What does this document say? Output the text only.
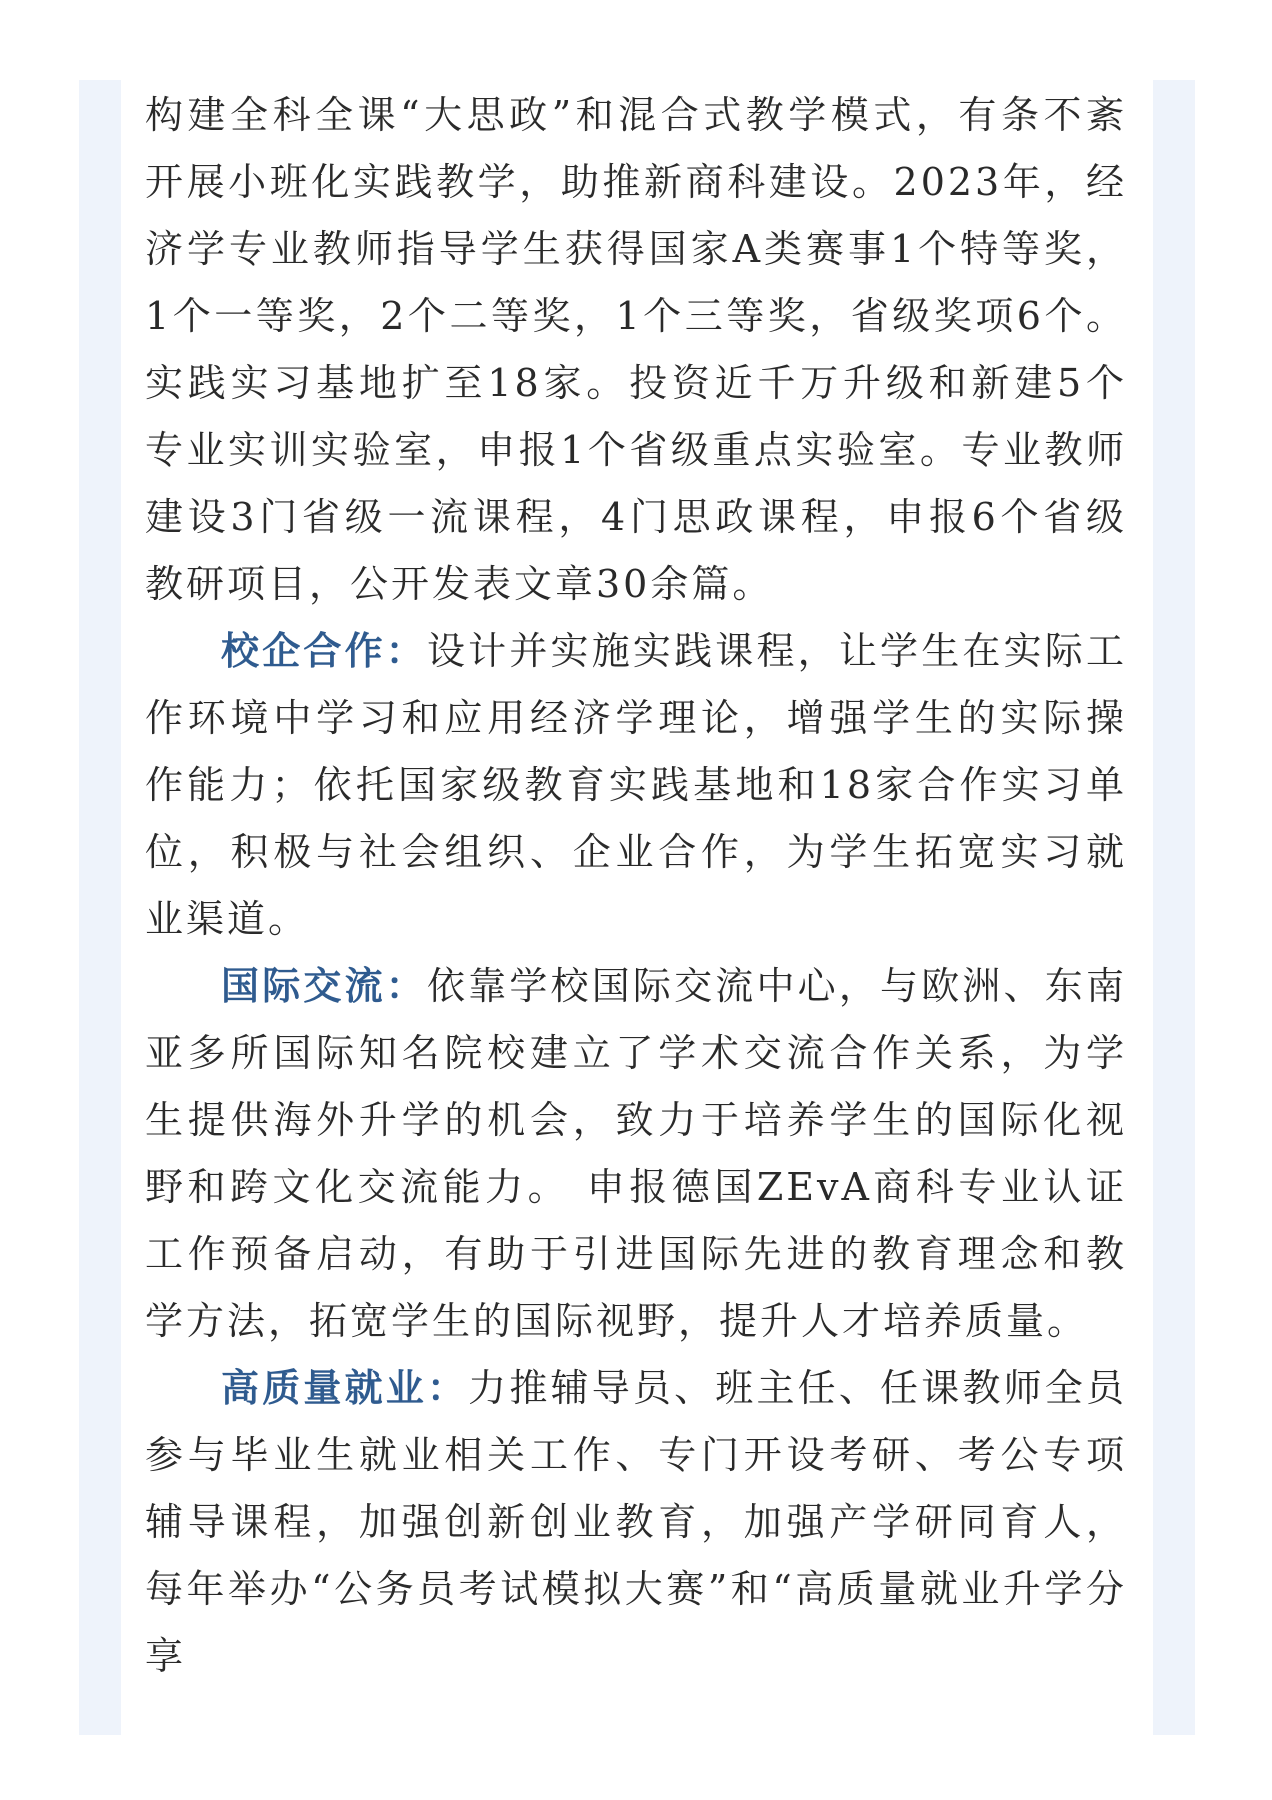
构建全科全课“大思政”和混合式教学模式，有条不紊开展小班化实践教学，助推新商科建设。2023年，经济学专业教师指导学生获得国家A类赛事1个特等奖，1个一等奖，2个二等奖，1个三等奖，省级奖项6个。实践实习基地扩至18家。投资近千万升级和新建5个专业实训实验室，申报1个省级重点实验室。专业教师建设3门省级一流课程，4门思政课程，申报6个省级教研项目，公开发表文章30余篇。

校企合作：设计并实施实践课程，让学生在实际工作环境中学习和应用经济学理论，增强学生的实际操作能力；依托国家级教育实践基地和18家合作实习单位，积极与社会组织、企业合作，为学生拓宽实习就业渠道。

国际交流：依靠学校国际交流中心，与欧洲、东南亚多所国际知名院校建立了学术交流合作关系，为学生提供海外升学的机会，致力于培养学生的国际化视野和跨文化交流能力。 申报德国ZEvA商科专业认证工作预备启动，有助于引进国际先进的教育理念和教学方法，拓宽学生的国际视野，提升人才培养质量。

高质量就业：力推辅导员、班主任、任课教师全员参与毕业生就业相关工作、专门开设考研、考公专项辅导课程，加强创新创业教育，加强产学研同育人，每年举办“公务员考试模拟大赛”和“高质量就业升学分享
